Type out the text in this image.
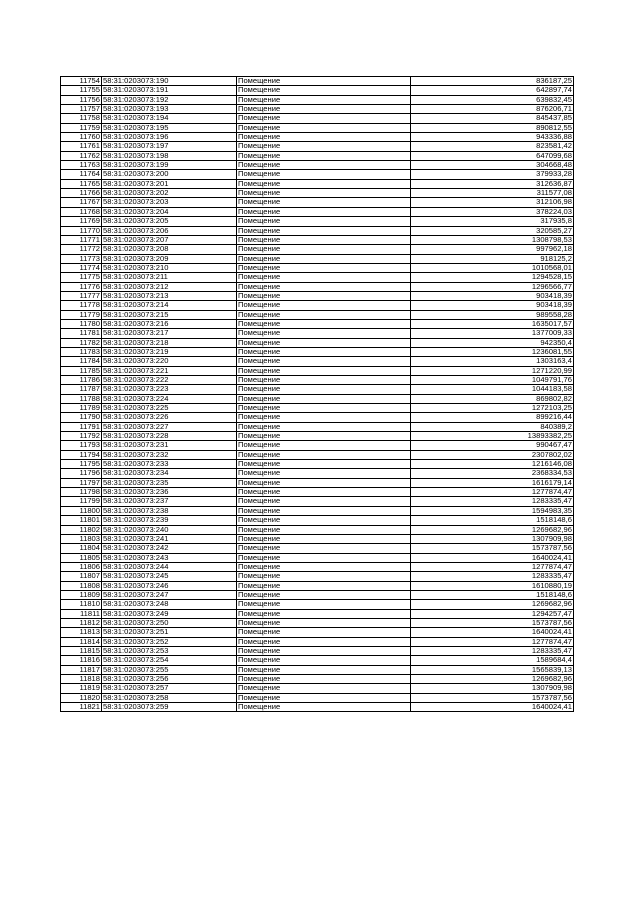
11754	58:31:0203073:190	Помещение	836187,25
11755	58:31:0203073:191	Помещение	642897,74
11756	58:31:0203073:192	Помещение	639832,45
11757	58:31:0203073:193	Помещение	876206,71
11758	58:31:0203073:194	Помещение	845437,85
11759	58:31:0203073:195	Помещение	890812,55
11760	58:31:0203073:196	Помещение	943336,88
11761	58:31:0203073:197	Помещение	823581,42
11762	58:31:0203073:198	Помещение	647099,68
11763	58:31:0203073:199	Помещение	304668,48
11764	58:31:0203073:200	Помещение	379933,28
11765	58:31:0203073:201	Помещение	312636,87
11766	58:31:0203073:202	Помещение	311577,08
11767	58:31:0203073:203	Помещение	312106,98
11768	58:31:0203073:204	Помещение	378224,03
11769	58:31:0203073:205	Помещение	317935,8
11770	58:31:0203073:206	Помещение	320585,27
11771	58:31:0203073:207	Помещение	1308798,53
11772	58:31:0203073:208	Помещение	997962,18
11773	58:31:0203073:209	Помещение	918125,2
11774	58:31:0203073:210	Помещение	1010568,01
11775	58:31:0203073:211	Помещение	1294528,15
11776	58:31:0203073:212	Помещение	1296566,77
11777	58:31:0203073:213	Помещение	903418,39
11778	58:31:0203073:214	Помещение	903418,39
11779	58:31:0203073:215	Помещение	989558,28
11780	58:31:0203073:216	Помещение	1635017,57
11781	58:31:0203073:217	Помещение	1377009,33
11782	58:31:0203073:218	Помещение	942350,4
11783	58:31:0203073:219	Помещение	1236081,55
11784	58:31:0203073:220	Помещение	1303163,4
11785	58:31:0203073:221	Помещение	1271220,99
11786	58:31:0203073:222	Помещение	1049791,76
11787	58:31:0203073:223	Помещение	1044183,58
11788	58:31:0203073:224	Помещение	869802,82
11789	58:31:0203073:225	Помещение	1272103,25
11790	58:31:0203073:226	Помещение	899216,44
11791	58:31:0203073:227	Помещение	840389,2
11792	58:31:0203073:228	Помещение	13893382,25
11793	58:31:0203073:231	Помещение	990467,47
11794	58:31:0203073:232	Помещение	2307802,02
11795	58:31:0203073:233	Помещение	1216146,08
11796	58:31:0203073:234	Помещение	2368334,53
11797	58:31:0203073:235	Помещение	1616179,14
11798	58:31:0203073:236	Помещение	1277874,47
11799	58:31:0203073:237	Помещение	1283335,47
11800	58:31:0203073:238	Помещение	1594983,35
11801	58:31:0203073:239	Помещение	1518148,6
11802	58:31:0203073:240	Помещение	1269682,96
11803	58:31:0203073:241	Помещение	1307909,98
11804	58:31:0203073:242	Помещение	1573787,56
11805	58:31:0203073:243	Помещение	1640024,41
11806	58:31:0203073:244	Помещение	1277874,47
11807	58:31:0203073:245	Помещение	1283335,47
11808	58:31:0203073:246	Помещение	1610880,19
11809	58:31:0203073:247	Помещение	1518148,6
11810	58:31:0203073:248	Помещение	1269682,96
11811	58:31:0203073:249	Помещение	1294257,47
11812	58:31:0203073:250	Помещение	1573787,56
11813	58:31:0203073:251	Помещение	1640024,41
11814	58:31:0203073:252	Помещение	1277874,47
11815	58:31:0203073:253	Помещение	1283335,47
11816	58:31:0203073:254	Помещение	1589684,4
11817	58:31:0203073:255	Помещение	1565839,13
11818	58:31:0203073:256	Помещение	1269682,96
11819	58:31:0203073:257	Помещение	1307909,98
11820	58:31:0203073:258	Помещение	1573787,56
11821	58:31:0203073:259	Помещение	1640024,41
